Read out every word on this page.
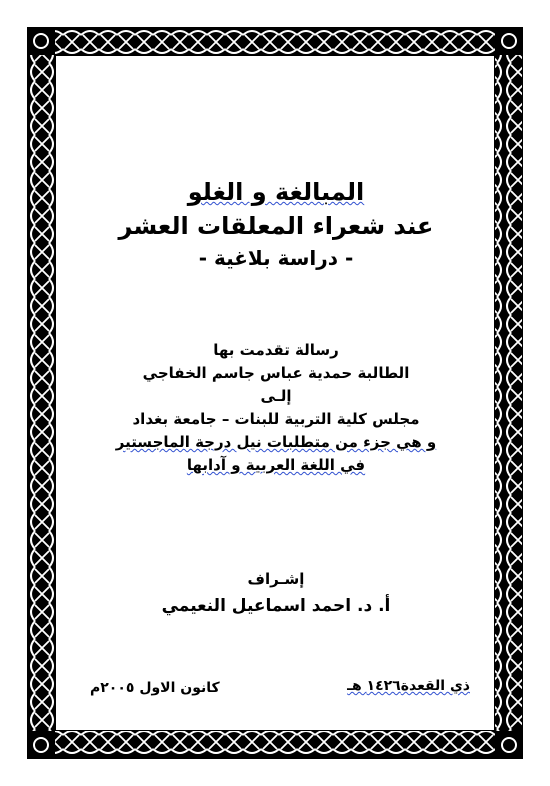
المبالغة و الغلو
عند شعراء المعلقات العشر
- دراسة بلاغية -
رسالة تقدمت بها
الطالبة حمدية عباس جاسم الخفاجي
إلـى
مجلس كلية التربية للبنات – جامعة بغداد
و هي جزء من متطلبات نيل درجة الماجستير
في اللغة العربية و آدابها
إشـراف
أ. د. احمد اسماعيل النعيمي
ذي القعدة١٤٢٦ هـ
كانون الاول ٢٠٠٥م
